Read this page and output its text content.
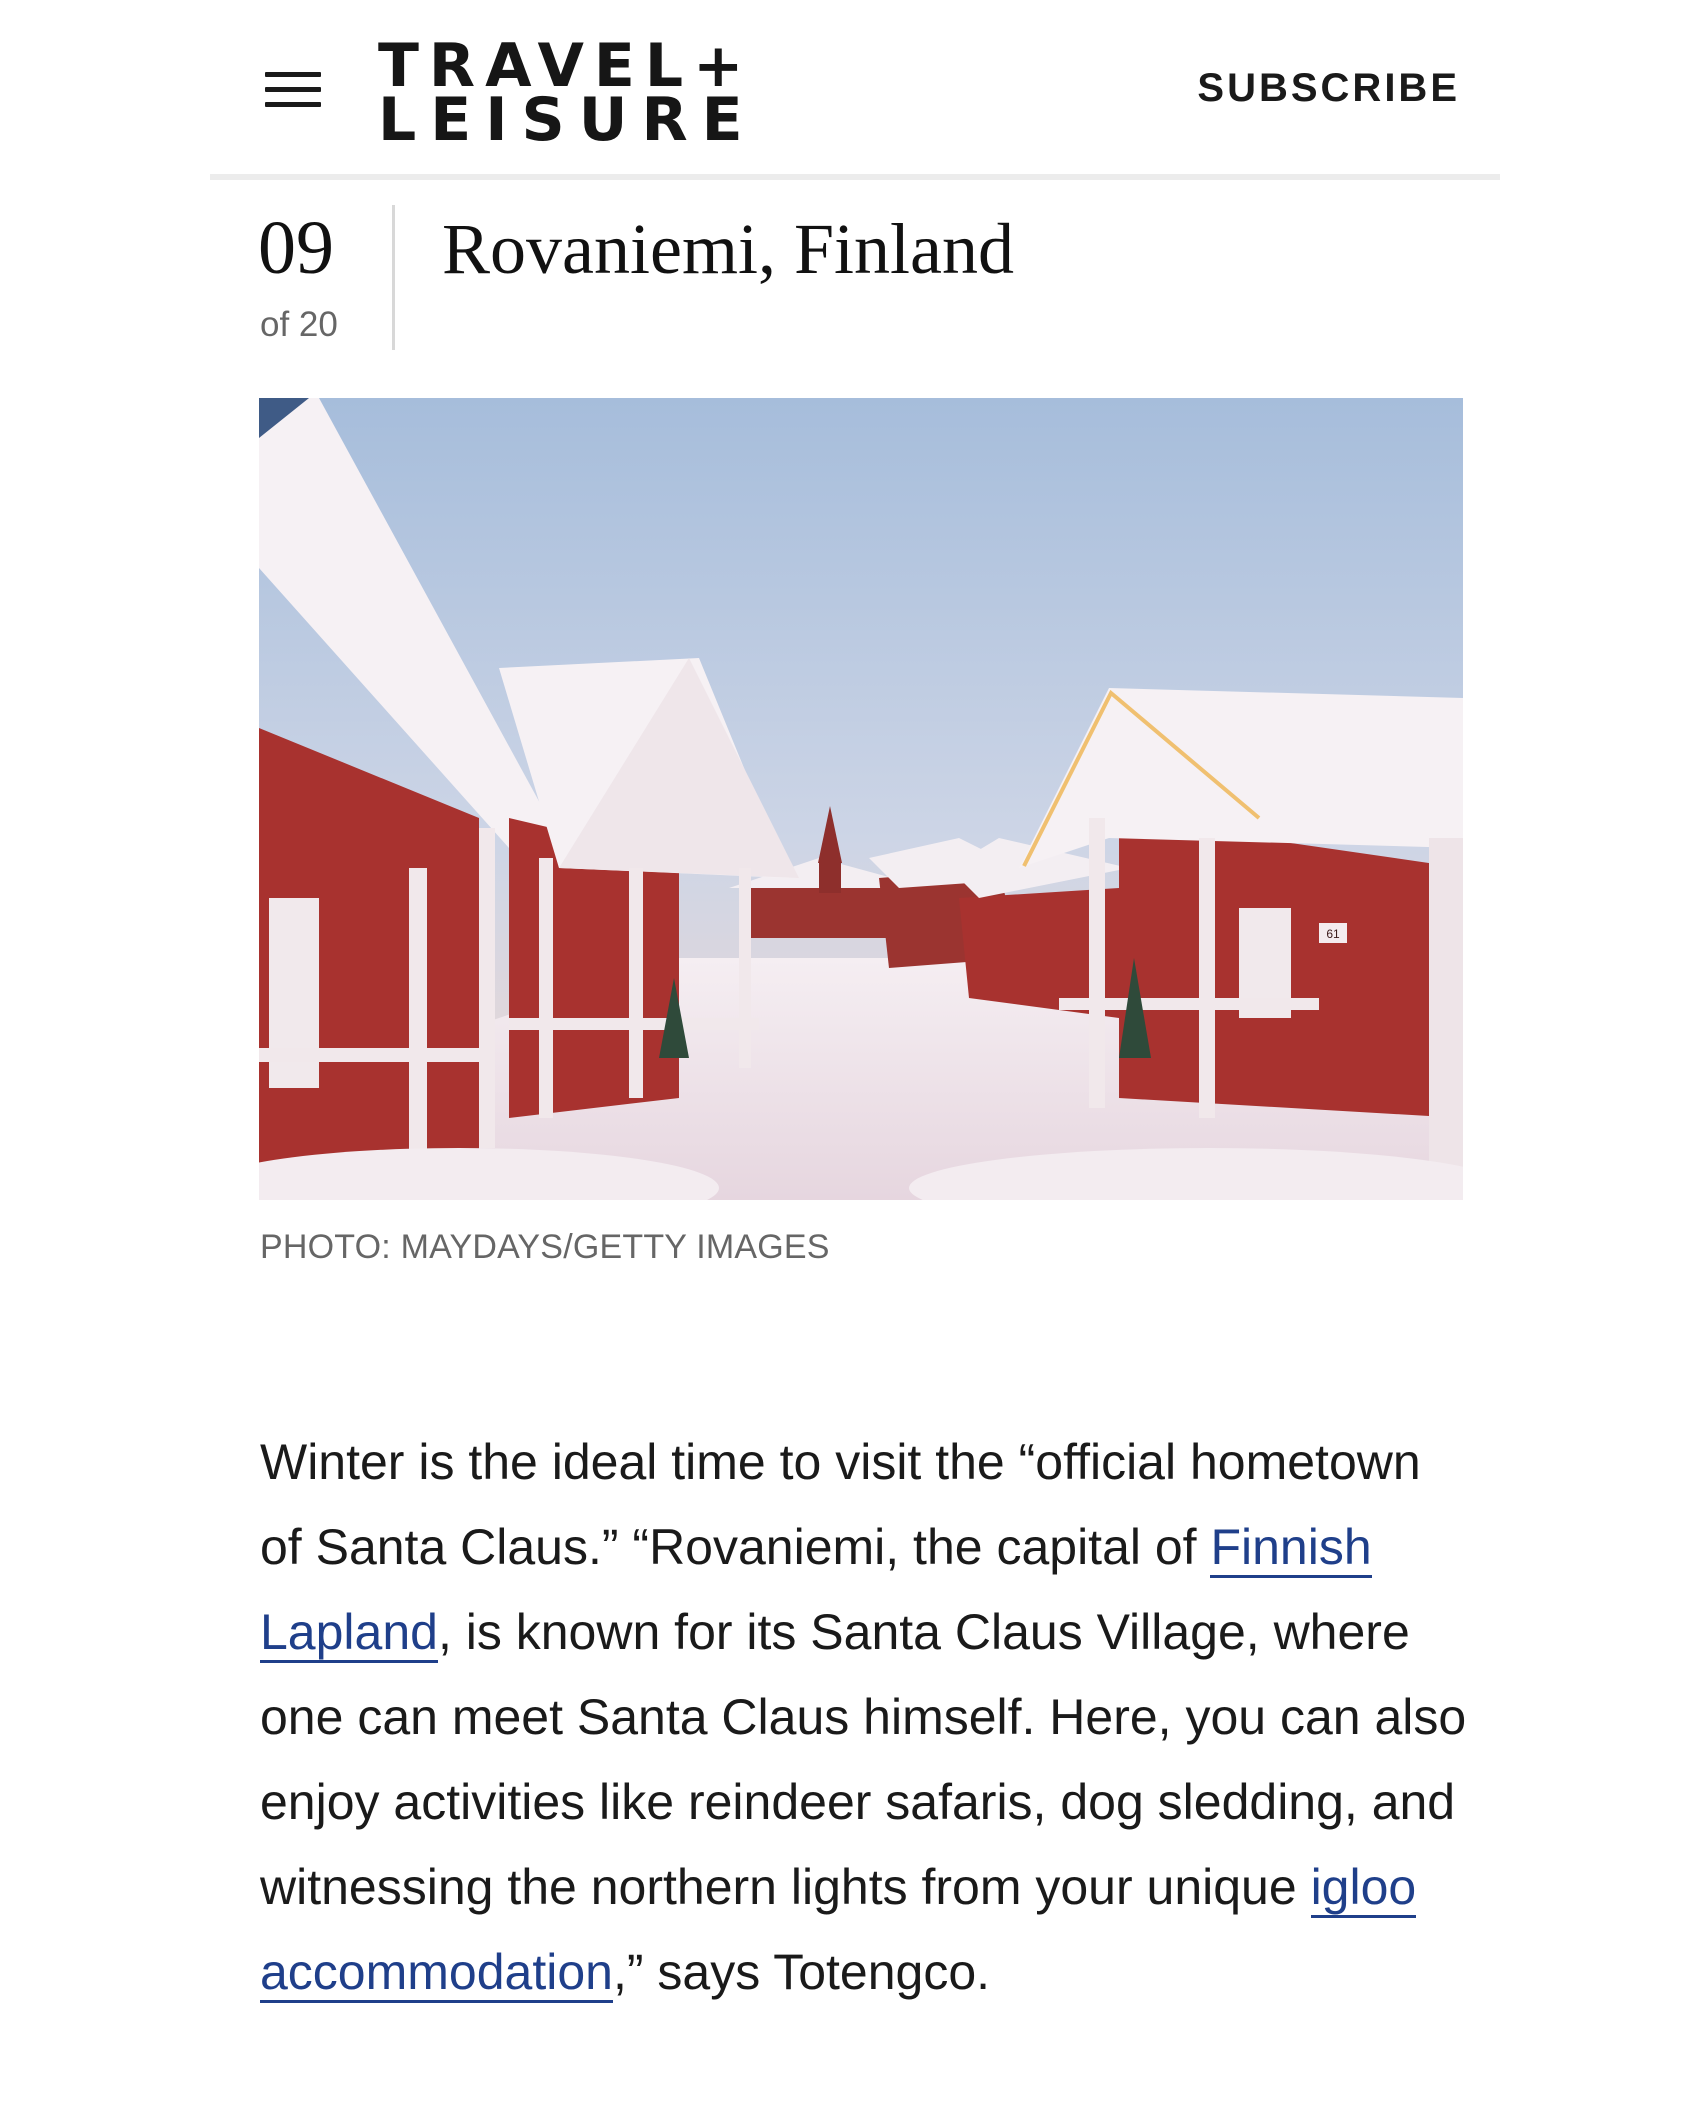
TRAVEL+
LEISURE	SUBSCRIBE
09
of 20
Rovaniemi, Finland
61
PHOTO: MAYDAYS/GETTY IMAGES

Winter is the ideal time to visit the “official hometown of Santa Claus.” “Rovaniemi, the capital of Finnish Lapland, is known for its Santa Claus Village, where one can meet Santa Claus himself. Here, you can also enjoy activities like reindeer safaris, dog sledding, and witnessing the northern lights from your unique igloo accommodation,” says Totengco.
